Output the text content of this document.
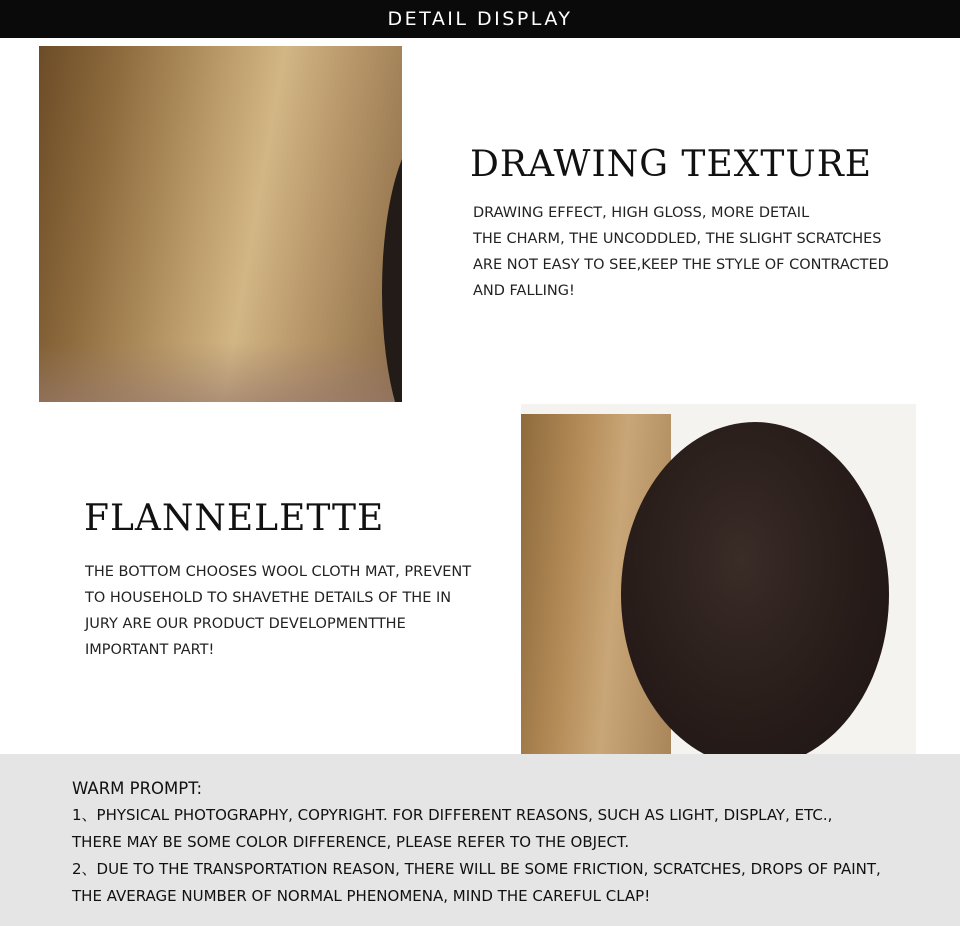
DETAIL DISPLAY
DRAWING TEXTURE

DRAWING EFFECT, HIGH GLOSS, MORE DETAIL
THE CHARM, THE UNCODDLED, THE SLIGHT SCRATCHES
ARE NOT EASY TO SEE,KEEP THE STYLE OF CONTRACTED
AND FALLING!

FLANNELETTE

THE BOTTOM CHOOSES WOOL CLOTH MAT, PREVENT
TO HOUSEHOLD TO SHAVETHE DETAILS OF THE IN
JURY ARE OUR PRODUCT DEVELOPMENTTHE
IMPORTANT PART!

WARM PROMPT:

1、PHYSICAL PHOTOGRAPHY, COPYRIGHT. FOR DIFFERENT REASONS, SUCH AS LIGHT, DISPLAY, ETC.,
THERE MAY BE SOME COLOR DIFFERENCE, PLEASE REFER TO THE OBJECT.
2、DUE TO THE TRANSPORTATION REASON, THERE WILL BE SOME FRICTION, SCRATCHES, DROPS OF PAINT,
THE AVERAGE NUMBER OF NORMAL PHENOMENA, MIND THE CAREFUL CLAP!
